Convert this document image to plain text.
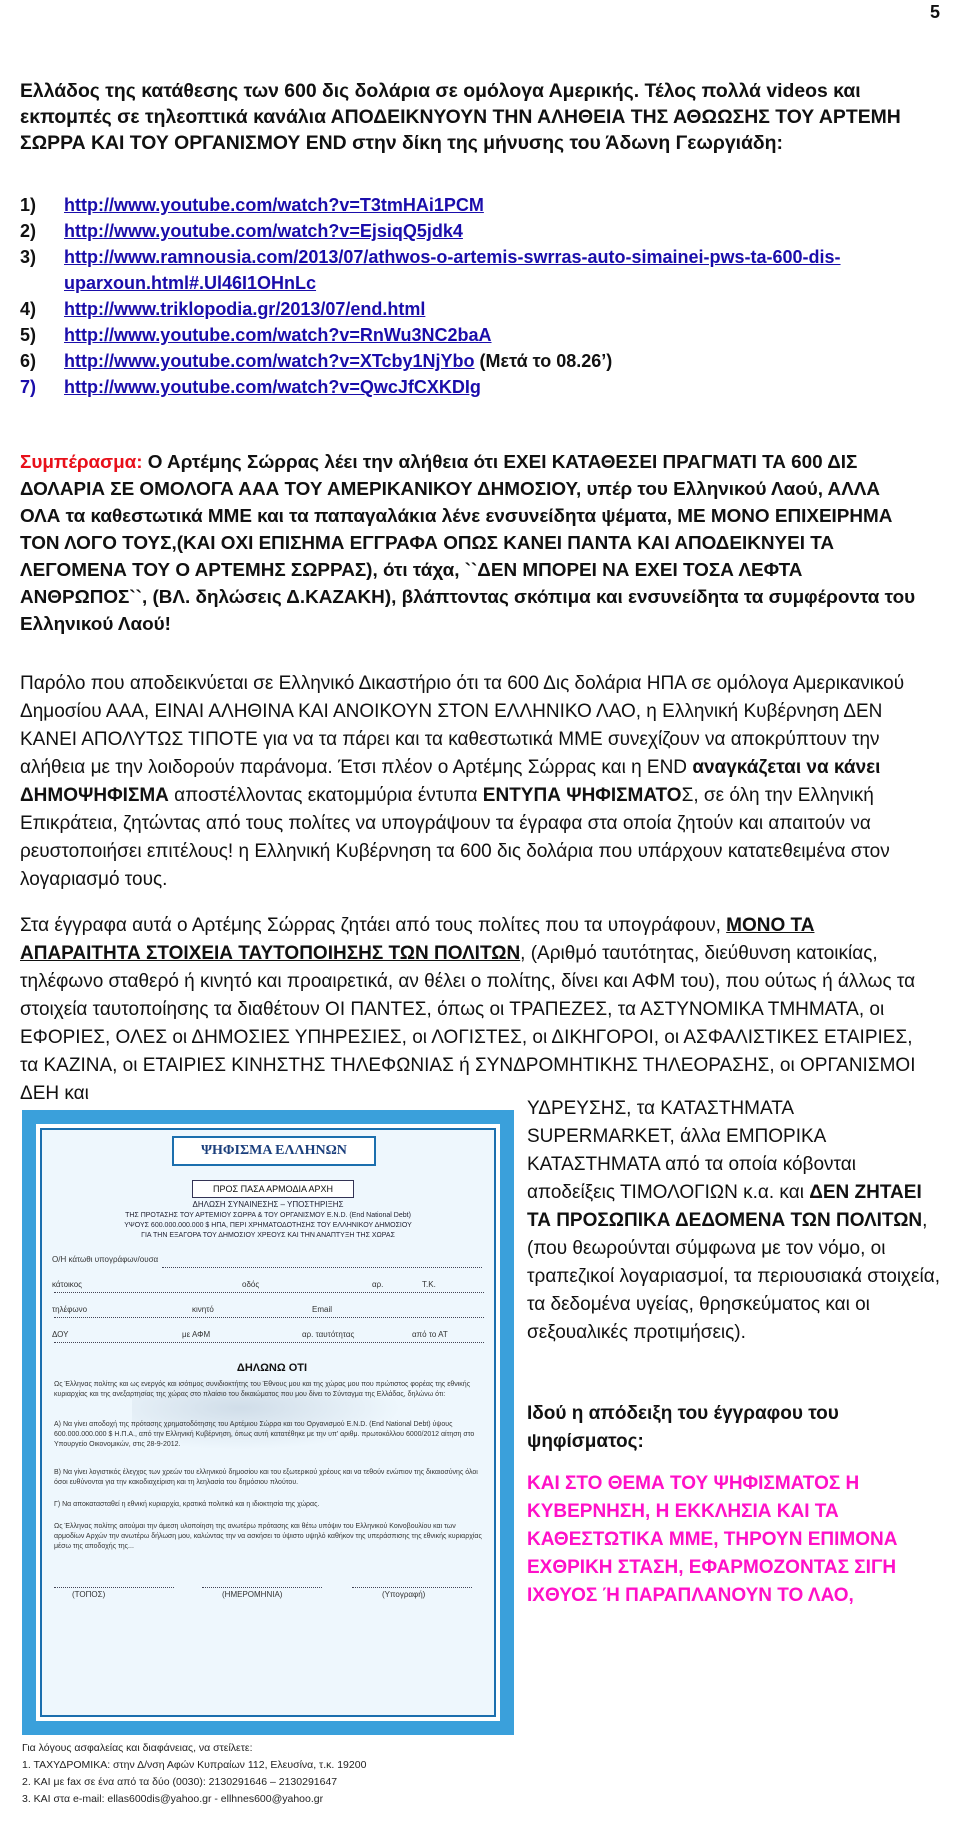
5

Ελλάδος της κατάθεσης των 600 δις δολάρια σε ομόλογα Αμερικής. Τέλος πολλά videos και εκπομπές σε τηλεοπτικά κανάλια ΑΠΟΔΕΙΚΝΥΟΥΝ ΤΗΝ ΑΛΗΘΕΙΑ ΤΗΣ ΑΘΩΩΣΗΣ ΤΟΥ ΑΡΤΕΜΗ ΣΩΡΡΑ ΚΑΙ ΤΟΥ ΟΡΓΑΝΙΣΜΟΥ END στην δίκη της μήνυσης του Άδωνη Γεωργιάδη:

1) http://www.youtube.com/watch?v=T3tmHAi1PCM
2) http://www.youtube.com/watch?v=EjsiqQ5jdk4
3) http://www.ramnousia.com/2013/07/athwos-o-artemis-swrras-auto-simainei-pws-ta-600-dis-uparxoun.html#.Ul46I1OHnLc
4) http://www.triklopodia.gr/2013/07/end.html
5) http://www.youtube.com/watch?v=RnWu3NC2baA
6) http://www.youtube.com/watch?v=XTcby1NjYbo (Μετά το 08.26’)
7) http://www.youtube.com/watch?v=QwcJfCXKDIg

Συμπέρασμα: Ο Αρτέμης Σώρρας λέει την αλήθεια ότι ΕΧΕΙ ΚΑΤΑΘΕΣΕΙ ΠΡΑΓΜΑΤΙ ΤΑ 600 ΔΙΣ ΔΟΛΑΡΙΑ ΣΕ ΟΜΟΛΟΓΑ ΑΑΑ ΤΟΥ ΑΜΕΡΙΚΑΝΙΚΟΥ ΔΗΜΟΣΙΟΥ, υπέρ του Ελληνικού Λαού, ΑΛΛΑ ΟΛΑ τα καθεστωτικά ΜΜΕ και τα παπαγαλάκια λένε ενσυνείδητα ψέματα, ΜΕ ΜΟΝΟ ΕΠΙΧΕΙΡΗΜΑ ΤΟΝ ΛΟΓΟ ΤΟΥΣ,(ΚΑΙ ΟΧΙ ΕΠΙΣΗΜΑ ΕΓΓΡΑΦΑ ΟΠΩΣ ΚΑΝΕΙ ΠΑΝΤΑ ΚΑΙ ΑΠΟΔΕΙΚΝΥΕΙ ΤΑ ΛΕΓΟΜΕΝΑ ΤΟΥ Ο ΑΡΤΕΜΗΣ ΣΩΡΡΑΣ), ότι τάχα, ``ΔΕΝ ΜΠΟΡΕΙ ΝΑ ΕΧΕΙ ΤΟΣΑ ΛΕΦΤΑ ΑΝΘΡΩΠΟΣ``, (ΒΛ. δηλώσεις Δ.ΚΑΖΑΚΗ), βλάπτοντας σκόπιμα και ενσυνείδητα τα συμφέροντα του Ελληνικού Λαού!

Παρόλο που αποδεικνύεται σε Ελληνικό Δικαστήριο ότι τα 600 Δις δολάρια ΗΠΑ σε ομόλογα Αμερικανικού Δημοσίου ΑΑΑ, ΕΙΝΑΙ ΑΛΗΘΙΝΑ ΚΑΙ ΑΝΟΙΚΟΥΝ ΣΤΟΝ ΕΛΛΗΝΙΚΟ ΛΑΟ, η Ελληνική Κυβέρνηση ΔΕΝ ΚΑΝΕΙ ΑΠΟΛΥΤΩΣ ΤΙΠΟΤΕ για να τα πάρει και τα καθεστωτικά ΜΜΕ συνεχίζουν να αποκρύπτουν την αλήθεια με την λοιδορούν παράνομα. Έτσι πλέον ο Αρτέμης Σώρρας και η END αναγκάζεται να κάνει ΔΗΜΟΨΗΦΙΣΜΑ αποστέλλοντας εκατομμύρια έντυπα ΕΝΤΥΠΑ ΨΗΦΙΣΜΑΤΟΣ, σε όλη την Ελληνική Επικράτεια, ζητώντας από τους πολίτες να υπογράψουν τα έγραφα στα οποία ζητούν και απαιτούν να ρευστοποιήσει επιτέλους! η Ελληνική Κυβέρνηση τα 600 δις δολάρια που υπάρχουν κατατεθειμένα στον λογαριασμό τους.

Στα έγγραφα αυτά ο Αρτέμης Σώρρας ζητάει από τους πολίτες που τα υπογράφουν, ΜΟΝΟ ΤΑ ΑΠΑΡΑΙΤΗΤΑ ΣΤΟΙΧΕΙΑ ΤΑΥΤΟΠΟΙΗΣΗΣ ΤΩΝ ΠΟΛΙΤΩΝ, (Αριθμό ταυτότητας, διεύθυνση κατοικίας, τηλέφωνο σταθερό ή κινητό και προαιρετικά, αν θέλει ο πολίτης, δίνει και ΑΦΜ του), που ούτως ή άλλως τα στοιχεία ταυτοποίησης τα διαθέτουν ΟΙ ΠΑΝΤΕΣ, όπως οι ΤΡΑΠΕΖΕΣ, τα ΑΣΤΥΝΟΜΙΚΑ ΤΜΗΜΑΤΑ, οι ΕΦΟΡΙΕΣ, ΟΛΕΣ οι ΔΗΜΟΣΙΕΣ ΥΠΗΡΕΣΙΕΣ, οι ΛΟΓΙΣΤΕΣ, οι ΔΙΚΗΓΟΡΟΙ, οι ΑΣΦΑΛΙΣΤΙΚΕΣ ΕΤΑΙΡΙΕΣ, τα ΚΑΖΙΝΑ, οι ΕΤΑΙΡΙΕΣ ΚΙΝΗΣΤΗΣ ΤΗΛΕΦΩΝΙΑΣ ή ΣΥΝΔΡΟΜΗΤΙΚΗΣ ΤΗΛΕΟΡΑΣΗΣ, οι ΟΡΓΑΝΙΣΜΟΙ ΔΕΗ και

ΥΔΡΕΥΣΗΣ, τα ΚΑΤΑΣΤΗΜΑΤΑ SUPERMARKET, άλλα ΕΜΠΟΡΙΚΑ ΚΑΤΑΣΤΗΜΑΤΑ από τα οποία κόβονται αποδείξεις ΤΙΜΟΛΟΓΙΩΝ κ.α. και ΔΕΝ ΖΗΤΑΕΙ ΤΑ ΠΡΟΣΩΠΙΚΑ ΔΕΔΟΜΕΝΑ ΤΩΝ ΠΟΛΙΤΩΝ, (που θεωρούνται σύμφωνα με τον νόμο, οι τραπεζικοί λογαριασμοί, τα περιουσιακά στοιχεία, τα δεδομένα υγείας, θρησκεύματος και οι σεξουαλικές προτιμήσεις).

Ιδού η απόδειξη του έγγραφου του ψηφίσματος:

ΚΑΙ ΣΤΟ ΘΕΜΑ ΤΟΥ ΨΗΦΙΣΜΑΤΟΣ Η ΚΥΒΕΡΝΗΣΗ, Η ΕΚΚΛΗΣΙΑ ΚΑΙ ΤΑ ΚΑΘΕΣΤΩΤΙΚΑ ΜΜΕ, ΤΗΡΟΥΝ ΕΠΙΜΟΝΑ ΕΧΘΡΙΚΗ ΣΤΑΣΗ, ΕΦΑΡΜΟΖΟΝΤΑΣ ΣΙΓΗ ΙΧΘΥΟΣ Ή ΠΑΡΑΠΛΑΝΟΥΝ ΤΟ ΛΑΟ,

ΨΗΦΙΣΜΑ ΕΛΛΗΝΩΝ
ΠΡΟΣ ΠΑΣΑ ΑΡΜΟΔΙΑ ΑΡΧΗ
ΔΗΛΩΣΗ ΣΥΝΑΙΝΕΣΗΣ – ΥΠΟΣΤΗΡΙΞΗΣ
ΤΗΣ ΠΡΟΤΑΣΗΣ ΤΟΥ ΑΡΤΕΜΙΟΥ ΣΩΡΡΑ & ΤΟΥ ΟΡΓΑΝΙΣΜΟΥ E.N.D. (End National Debt)
ΥΨΟΥΣ 600.000.000.000 $ ΗΠΑ, ΠΕΡΙ ΧΡΗΜΑΤΟΔΟΤΗΣΗΣ ΤΟΥ ΕΛΛΗΝΙΚΟΥ ΔΗΜΟΣΙΟΥ
ΓΙΑ ΤΗΝ ΕΞΑΓΟΡΑ ΤΟΥ ΔΗΜΟΣΙΟΥ ΧΡΕΟΥΣ ΚΑΙ ΤΗΝ ΑΝΑΠΤΥΞΗ ΤΗΣ ΧΩΡΑΣ
Ο/Η κάτωθι υπογράφων/ουσα
κάτοικος	οδός	αρ.	Τ.Κ.
τηλέφωνο	κινητό	Email
ΔΟΥ	με ΑΦΜ	αρ. ταυτότητας	από το ΑΤ
ΔΗΛΩΝΩ ΟΤΙ
Ως Έλληνας πολίτης και ως ενεργός και ισότιμος συνιδιοκτήτης του Έθνους μου και της χώρας μου που πρώτιστος φορέας της εθνικής κυριαρχίας και της ανεξαρτησίας της χώρας στο πλαίσιο του δικαιώματος που μου δίνει το Σύνταγμα της Ελλάδας, δηλώνω ότι:
Α) Να γίνει αποδοχή της πρότασης χρηματοδότησης του Αρτέμιου Σώρρα και του Οργανισμού E.N.D. (End National Debt) ύψους 600.000.000.000 $ Η.Π.Α., από την Ελληνική Κυβέρνηση, όπως αυτή κατατέθηκε με την υπ' αριθμ. πρωτοκόλλου 6000/2012 αίτηση στο Υπουργείο Οικονομικών, στις 28-9-2012.
Β) Να γίνει λογιστικός έλεγχος των χρεών του ελληνικού δημοσίου και του εξωτερικού χρέους και να τεθούν ενώπιον της δικαιοσύνης όλοι όσοι ευθύνονται για την κακοδιαχείριση και τη λεηλασία του δημόσιου πλούτου.
Γ) Να αποκατασταθεί η εθνική κυριαρχία, κρατικά πολιτικά και η ιδιοκτησία της χώρας.
Ως Έλληνας πολίτης αιτούμαι την άμεση υλοποίηση της ανωτέρω πρότασης και θέτω υπόψιν του Ελληνικού Κοινοβουλίου και των αρμοδίων Αρχών την ανωτέρω δήλωση μου, καλώντας την να ασκήσει το ύψιστο υψηλό καθήκον της υπεράσπισης της εθνικής κυριαρχίας μέσω της αποδοχής της...
(ΤΟΠΟΣ)	(ΗΜΕΡΟΜΗΝΙΑ)	(Υπογραφή)
Για λόγους ασφαλείας και διαφάνειας, να στείλετε:
1. ΤΑΧΥΔΡΟΜΙΚΑ: στην Δ/νση Αφών Κυπραίων 112, Ελευσίνα, τ.κ. 19200
2. ΚΑΙ με fax σε ένα από τα δύο (0030): 2130291646 – 2130291647
3. ΚΑΙ στα e-mail: ellas600dis@yahoo.gr - ellhnes600@yahoo.gr
